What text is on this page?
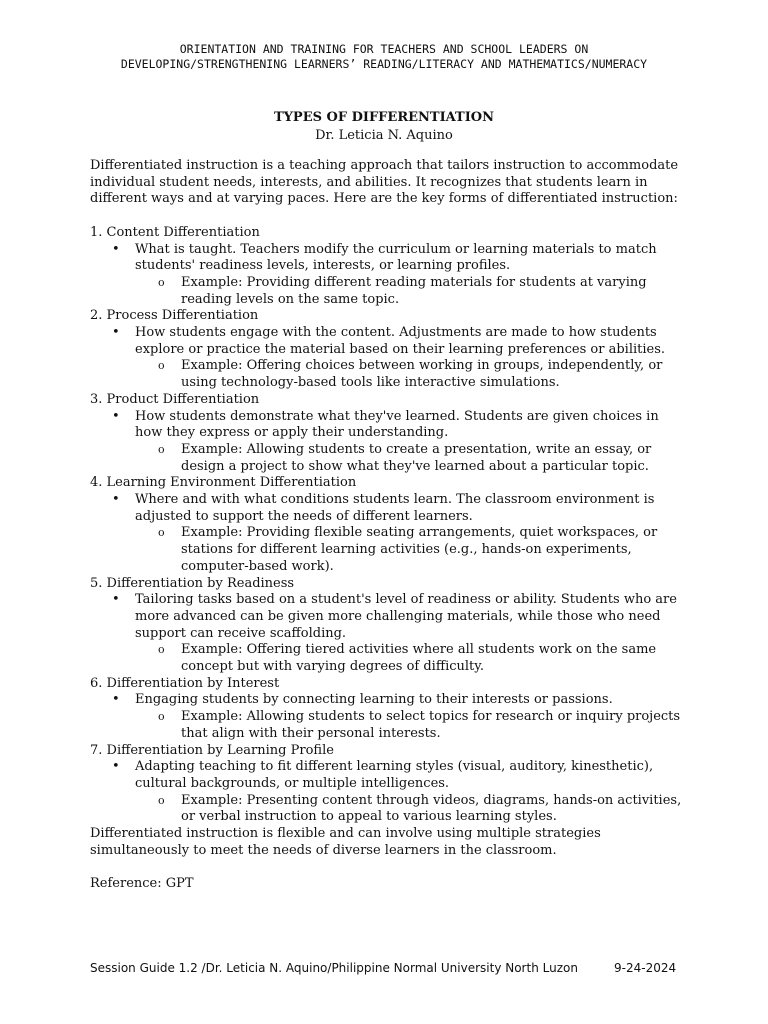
ORIENTATION AND TRAINING FOR TEACHERS AND SCHOOL LEADERS ON
DEVELOPING/STRENGTHENING LEARNERS’ READING/LITERACY AND MATHEMATICS/NUMERACY
TYPES OF DIFFERENTIATION
Dr. Leticia N. Aquino

Differentiated instruction is a teaching approach that tailors instruction to accommodate individual student needs, interests, and abilities. It recognizes that students learn in different ways and at varying paces. Here are the key forms of differentiated instruction:

1. Content Differentiation

•
What is taught. Teachers modify the curriculum or learning materials to match students' readiness levels, interests, or learning profiles.

o
Example: Providing different reading materials for students at varying reading levels on the same topic.

2. Process Differentiation

•
How students engage with the content. Adjustments are made to how students explore or practice the material based on their learning preferences or abilities.

o
Example: Offering choices between working in groups, independently, or using technology-based tools like interactive simulations.

3. Product Differentiation

•
How students demonstrate what they've learned. Students are given choices in how they express or apply their understanding.

o
Example: Allowing students to create a presentation, write an essay, or design a project to show what they've learned about a particular topic.

4. Learning Environment Differentiation

•
Where and with what conditions students learn. The classroom environment is adjusted to support the needs of different learners.

o
Example: Providing flexible seating arrangements, quiet workspaces, or stations for different learning activities (e.g., hands-on experiments, computer-based work).

5. Differentiation by Readiness

•
Tailoring tasks based on a student's level of readiness or ability. Students who are more advanced can be given more challenging materials, while those who need support can receive scaffolding.

o
Example: Offering tiered activities where all students work on the same concept but with varying degrees of difficulty.

6. Differentiation by Interest

•
Engaging students by connecting learning to their interests or passions.

o
Example: Allowing students to select topics for research or inquiry projects that align with their personal interests.

7. Differentiation by Learning Profile

•
Adapting teaching to fit different learning styles (visual, auditory, kinesthetic), cultural backgrounds, or multiple intelligences.

o
Example: Presenting content through videos, diagrams, hands-on activities, or verbal instruction to appeal to various learning styles.

Differentiated instruction is flexible and can involve using multiple strategies simultaneously to meet the needs of diverse learners in the classroom.

Reference: GPT

Session Guide 1.2 /Dr. Leticia N. Aquino/Philippine Normal University North Luzon	9-24-2024
